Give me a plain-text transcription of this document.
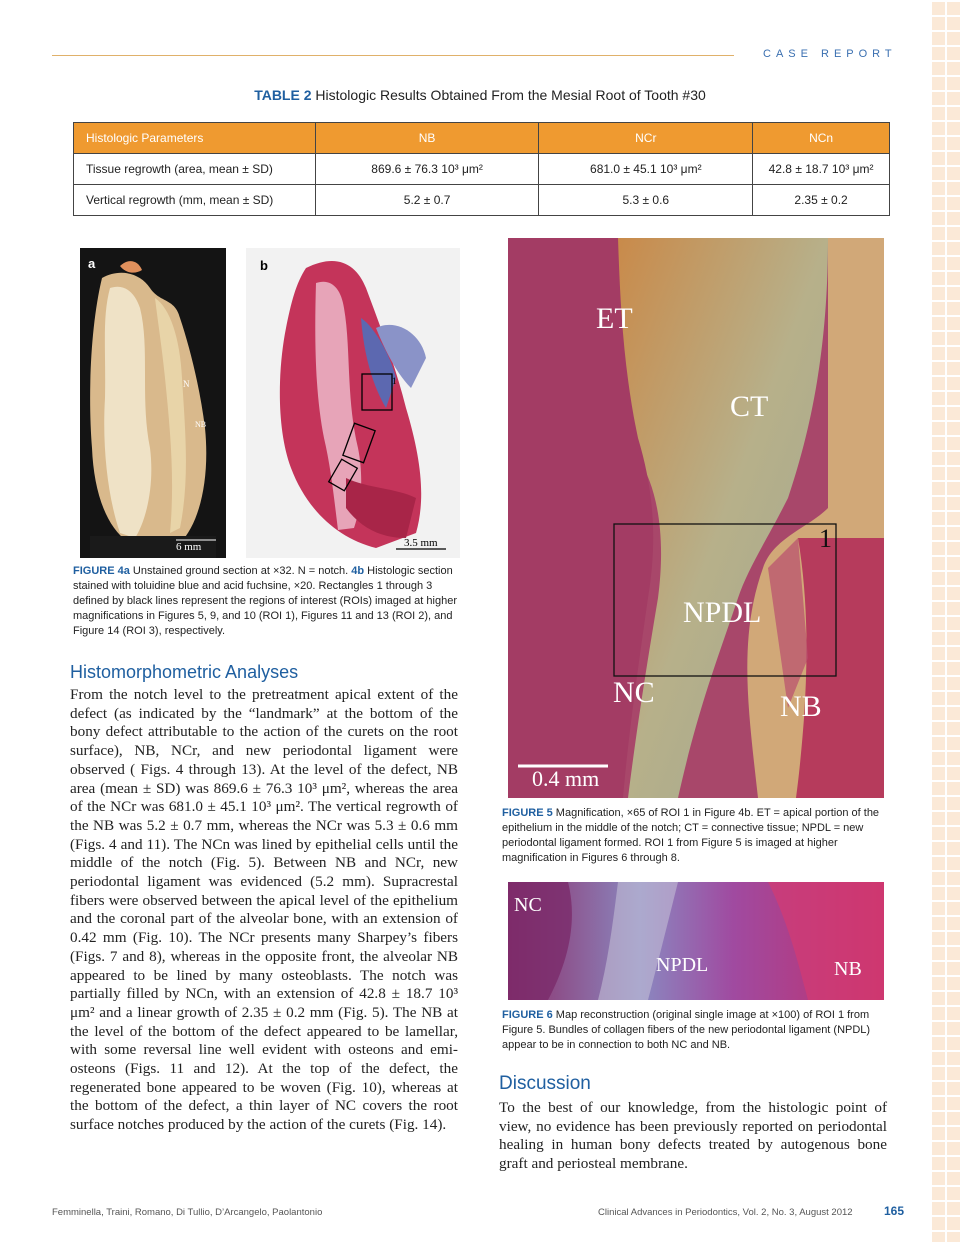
CASE REPORT
TABLE 2 Histologic Results Obtained From the Mesial Root of Tooth #30
Histologic Parameters	NB	NCr	NCn
Tissue regrowth (area, mean ± SD)	869.6 ± 76.3 10³ μm²	681.0 ± 45.1 10³ μm²	42.8 ± 18.7 10³ μm²
Vertical regrowth (mm, mean ± SD)	5.2 ± 0.7	5.3 ± 0.6	2.35 ± 0.2
a
6 mm
N
NB
b
3.5 mm
1
FIGURE 4a Unstained ground section at ×32. N = notch. 4b Histologic section stained with toluidine blue and acid fuchsine, ×20. Rectangles 1 through 3 defined by black lines represent the regions of interest (ROIs) imaged at higher magnifications in Figures 5, 9, and 10 (ROI 1), Figures 11 and 13 (ROI 2), and Figure 14 (ROI 3), respectively.
Histomorphometric Analyses
From the notch level to the pretreatment apical extent of the defect (as indicated by the “landmark” at the bottom of the bony defect attributable to the action of the curets on the root surface), NB, NCr, and new periodontal ligament were observed ( Figs. 4 through 13). At the level of the defect, NB area (mean ± SD) was 869.6 ± 76.3 10³ μm², whereas the area of the NCr was 681.0 ± 45.1 10³ μm². The vertical regrowth of the NB was 5.2 ± 0.7 mm, whereas the NCr was 5.3 ± 0.6 mm (Figs. 4 and 11). The NCn was lined by epithelial cells until the middle of the notch (Fig. 5). Between NB and NCr, new periodontal ligament was evidenced (5.2 mm). Supracrestal fibers were observed between the apical level of the epithelium and the coronal part of the alveolar bone, with an extension of 0.42 mm (Fig. 10). The NCr presents many Sharpey’s fibers (Figs. 7 and 8), whereas in the opposite front, the alveolar NB appeared to be lined by many osteoblasts. The notch was partially filled by NCn, with an extension of 42.8 ± 18.7 10³ μm² and a linear growth of 2.35 ± 0.2 mm (Fig. 5). The NB at the level of the bottom of the defect appeared to be lamellar, with some reversal line well evident with osteons and emi-osteons (Figs. 11 and 12). At the top of the defect, the regenerated bone appeared to be woven (Fig. 10), whereas at the bottom of the defect, a thin layer of NC covers the root surface notches produced by the action of the curets (Fig. 14).
ET
CT
NPDL
NC	NB
1
0.4 mm
FIGURE 5 Magnification, ×65 of ROI 1 in Figure 4b. ET = apical portion of the epithelium in the middle of the notch; CT = connective tissue; NPDL = new periodontal ligament formed. ROI 1 from Figure 5 is imaged at higher magnification in Figures 6 through 8.
NC
NPDL	NB
FIGURE 6 Map reconstruction (original single image at ×100) of ROI 1 from Figure 5. Bundles of collagen fibers of the new periodontal ligament (NPDL) appear to be in connection to both NC and NB.
Discussion
To the best of our knowledge, from the histologic point of view, no evidence has been previously reported on periodontal healing in human bony defects treated by autogenous bone graft and periosteal membrane.
Femminella, Traini, Romano, Di Tullio, D’Arcangelo, Paolantonio	Clinical Advances in Periodontics, Vol. 2, No. 3, August 2012	165
